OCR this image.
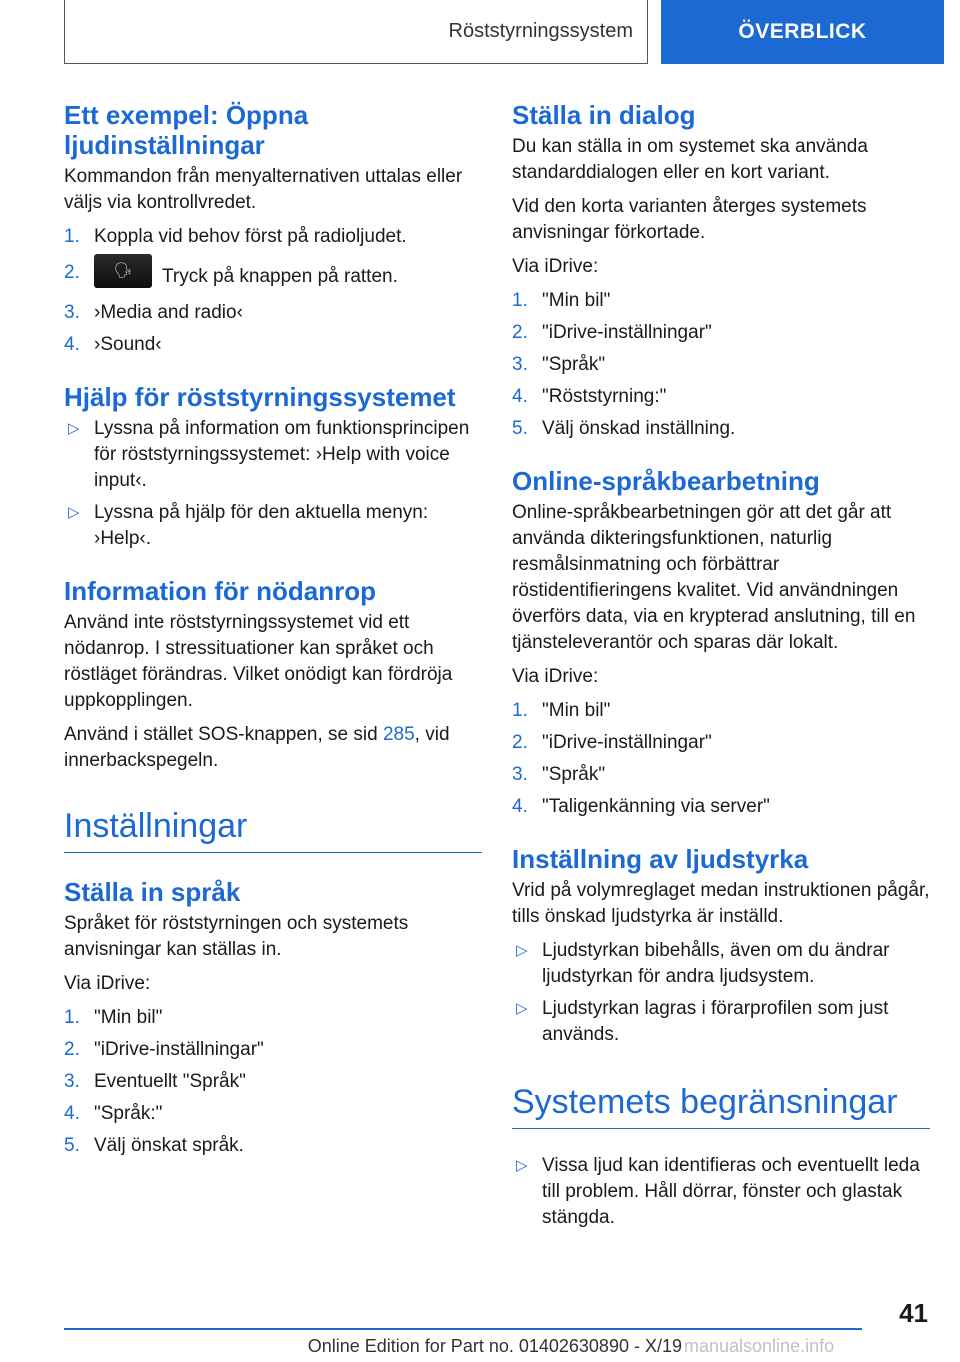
Röststyrningssystem	ÖVERBLICK
Ett exempel: Öppna ljudinställningar

Kommandon från menyalternativen uttalas eller väljs via kontrollvredet.

1. Koppla vid behov först på radioljudet.
2. 🗣 Tryck på knappen på ratten.
3. ›Media and radio‹
4. ›Sound‹
Hjälp för röststyrningssystemet
▷ Lyssna på information om funktionsprincipen för röststyrningssystemet: ›Help with voice input‹.
▷ Lyssna på hjälp för den aktuella menyn: ›Help‹.
Information för nödanrop

Använd inte röststyrningssystemet vid ett nödanrop. I stressituationer kan språket och röstläget förändras. Vilket onödigt kan fördröja uppkopplingen.

Använd i stället SOS-knappen, se sid 285, vid innerbackspegeln.

Inställningar
Ställa in språk

Språket för röststyrningen och systemets anvisningar kan ställas in.

Via iDrive:

1. "Min bil"
2. "iDrive-inställningar"
3. Eventuellt "Språk"
4. "Språk:"
5. Välj önskat språk.
Ställa in dialog

Du kan ställa in om systemet ska använda standarddialogen eller en kort variant.

Vid den korta varianten återges systemets anvisningar förkortade.

Via iDrive:

1. "Min bil"
2. "iDrive-inställningar"
3. "Språk"
4. "Röststyrning:"
5. Välj önskad inställning.
Online-språkbearbetning

Online-språkbearbetningen gör att det går att använda dikteringsfunktionen, naturlig resmålsinmatning och förbättrar röstidentifieringens kvalitet. Vid användningen överförs data, via en krypterad anslutning, till en tjänsteleverantör och sparas där lokalt.

Via iDrive:

1. "Min bil"
2. "iDrive-inställningar"
3. "Språk"
4. "Taligenkänning via server"
Inställning av ljudstyrka

Vrid på volymreglaget medan instruktionen pågår, tills önskad ljudstyrka är inställd.

▷ Ljudstyrkan bibehålls, även om du ändrar ljudstyrkan för andra ljudsystem.
▷ Ljudstyrkan lagras i förarprofilen som just används.
Systemets begränsningar
▷ Vissa ljud kan identifieras och eventuellt leda till problem. Håll dörrar, fönster och glastak stängda.
41
Online Edition for Part no. 01402630890 - X/19 manualsonline.info
